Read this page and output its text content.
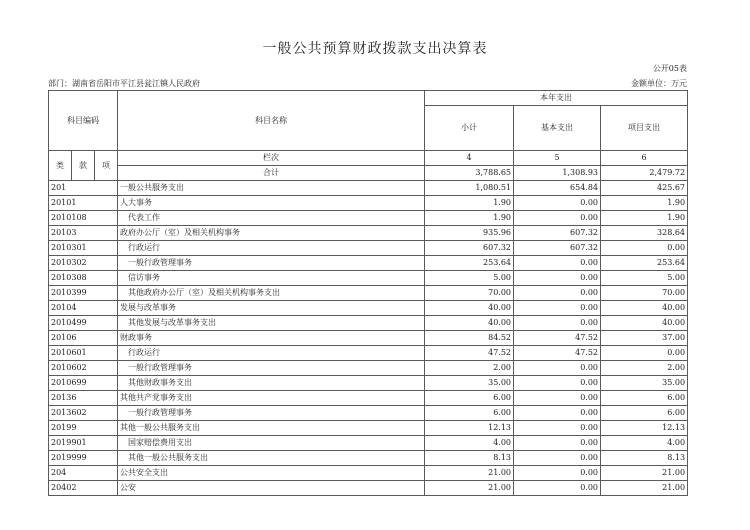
一般公共预算财政拨款支出决算表
公开05表
部门：湖南省岳阳市平江县瓮江镇人民政府	金额单位：万元
科目编码			科目名称	本年支出		
				小计	基本支出	项目支出

类	款	项	栏次	4	5	6
			合计	3,788.65	1,308.93	2,479.72
201			一般公共服务支出	1,080.51	654.84	425.67
20101			人大事务	1.90	0.00	1.90
2010108			代表工作	1.90	0.00	1.90
20103			政府办公厅（室）及相关机构事务	935.96	607.32	328.64
2010301			行政运行	607.32	607.32	0.00
2010302			一般行政管理事务	253.64	0.00	253.64
2010308			信访事务	5.00	0.00	5.00
2010399			其他政府办公厅（室）及相关机构事务支出	70.00	0.00	70.00
20104			发展与改革事务	40.00	0.00	40.00
2010499			其他发展与改革事务支出	40.00	0.00	40.00
20106			财政事务	84.52	47.52	37.00
2010601			行政运行	47.52	47.52	0.00
2010602			一般行政管理事务	2.00	0.00	2.00
2010699			其他财政事务支出	35.00	0.00	35.00
20136			其他共产党事务支出	6.00	0.00	6.00
2013602			一般行政管理事务	6.00	0.00	6.00
20199			其他一般公共服务支出	12.13	0.00	12.13
2019901			国家赔偿费用支出	4.00	0.00	4.00
2019999			其他一般公共服务支出	8.13	0.00	8.13
204			公共安全支出	21.00	0.00	21.00
20402			公安	21.00	0.00	21.00
